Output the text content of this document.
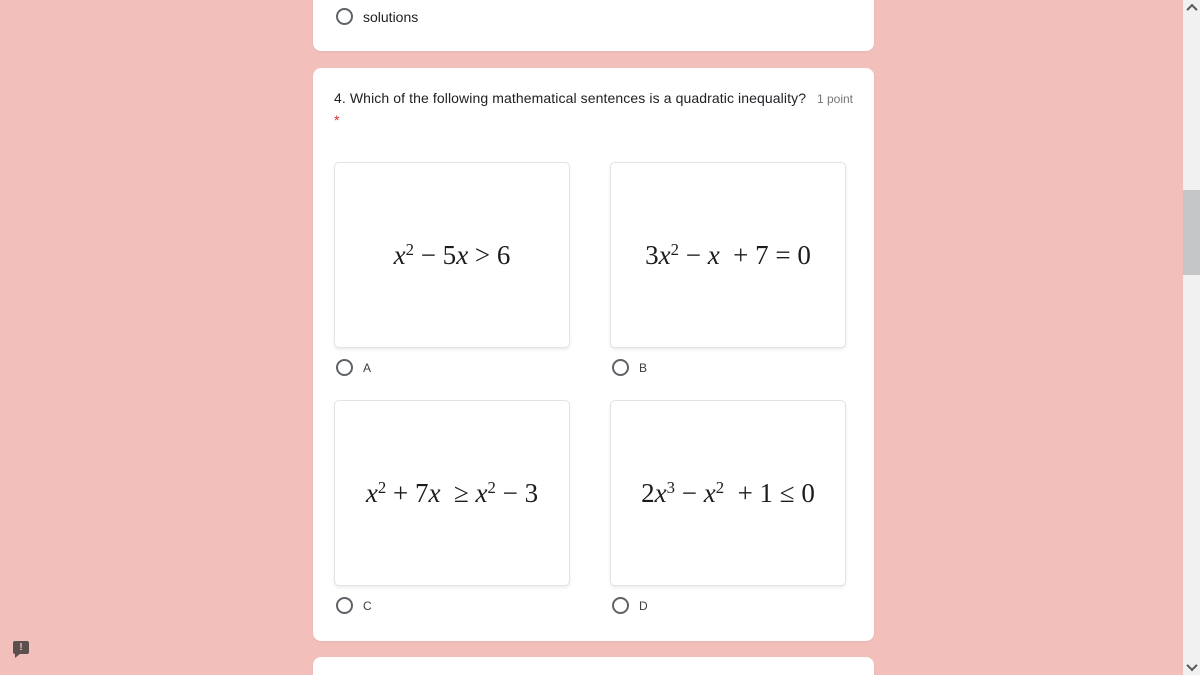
solutions
4. Which of the following mathematical sentences is a quadratic inequality? 1 point
*
$x^2 - 5x > 6$	$3x^2 - x + 7 = 0$
A	B
$x^2 + 7x \ge x^2 - 3$	$2x^3 - x^2 + 1 \le 0$
C	D
!
